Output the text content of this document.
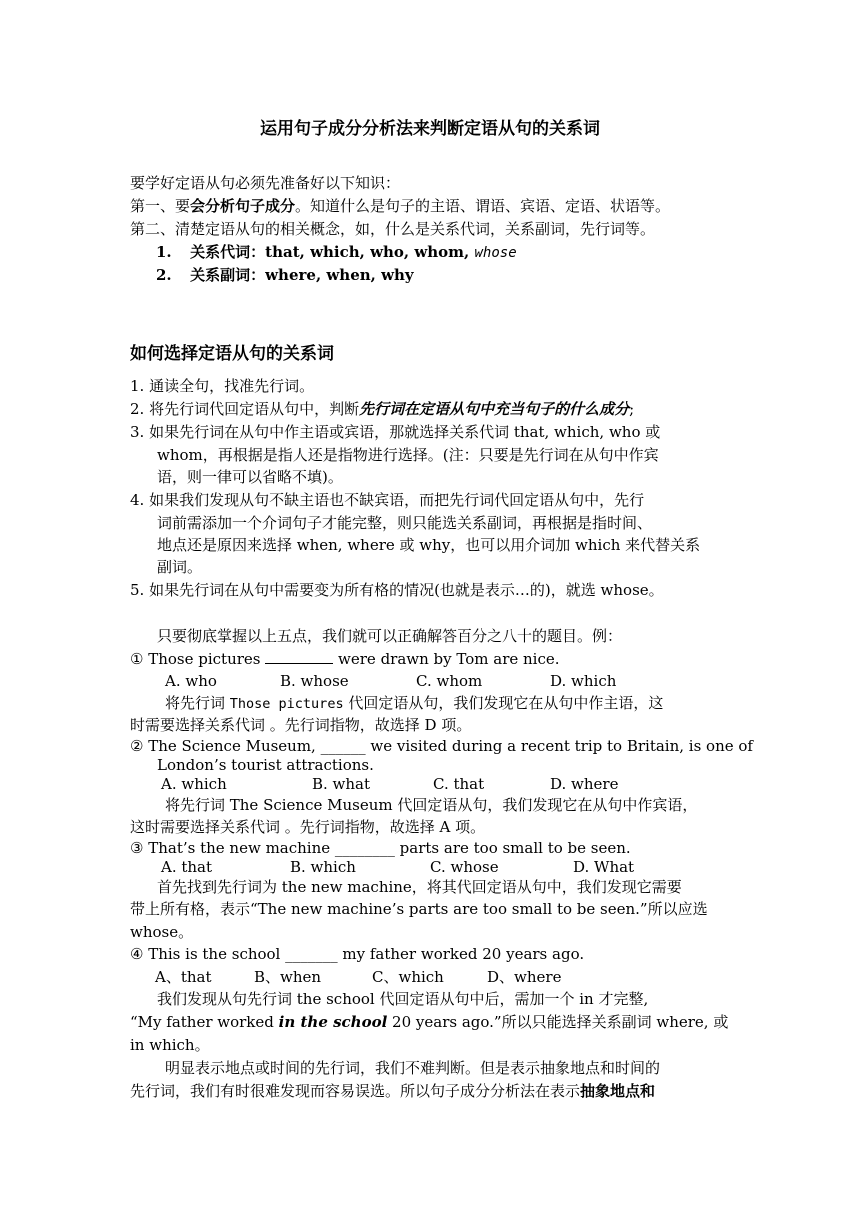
运用句子成分分析法来判断定语从句的关系词
要学好定语从句必须先准备好以下知识：
第一、要会分析句子成分。知道什么是句子的主语、谓语、宾语、定语、状语等。
第二、清楚定语从句的相关概念，如，什么是关系代词，关系副词，先行词等。
1. 关系代词：that, which, who, whom, whose
2. 关系副词：where, when, why
如何选择定语从句的关系词
1. 通读全句，找准先行词。
2. 将先行词代回定语从句中，判断先行词在定语从句中充当句子的什么成分;
3. 如果先行词在从句中作主语或宾语，那就选择关系代词 that, which, who 或
whom，再根据是指人还是指物进行选择。(注：只要是先行词在从句中作宾
语，则一律可以省略不填)。
4. 如果我们发现从句不缺主语也不缺宾语，而把先行词代回定语从句中，先行
词前需添加一个介词句子才能完整，则只能选关系副词，再根据是指时间、
地点还是原因来选择 when, where 或 why，也可以用介词加 which 来代替关系
副词。
5. 如果先行词在从句中需要变为所有格的情况(也就是表示…的)，就选 whose。
只要彻底掌握以上五点，我们就可以正确解答百分之八十的题目。例：
① Those pictures	were drawn by Tom are nice.
A. who	B. whose	C. whom	D. which
将先行词 Those pictures 代回定语从句，我们发现它在从句中作主语，这
时需要选择关系代词 。先行词指物，故选择 D 项。
② The Science Museum, ______ we visited during a recent trip to Britain, is one of
London’s tourist attractions.
A. which	B. what	C. that	D. where
将先行词 The Science Museum 代回定语从句，我们发现它在从句中作宾语，
这时需要选择关系代词 。先行词指物，故选择 A 项。
③ That’s the new machine ________ parts are too small to be seen.
A. that	B. which	C. whose	D. What
首先找到先行词为 the new machine，将其代回定语从句中，我们发现它需要
带上所有格，表示“The new machine’s parts are too small to be seen.”所以应选
whose。
④ This is the school _______ my father worked 20 years ago.
A、that	B、when	C、which	D、where
我们发现从句先行词 the school 代回定语从句中后，需加一个 in 才完整,
“My father worked in the school 20 years ago.”所以只能选择关系副词 where, 或
in which。
明显表示地点或时间的先行词，我们不难判断。但是表示抽象地点和时间的
先行词，我们有时很难发现而容易误选。所以句子成分分析法在表示抽象地点和
